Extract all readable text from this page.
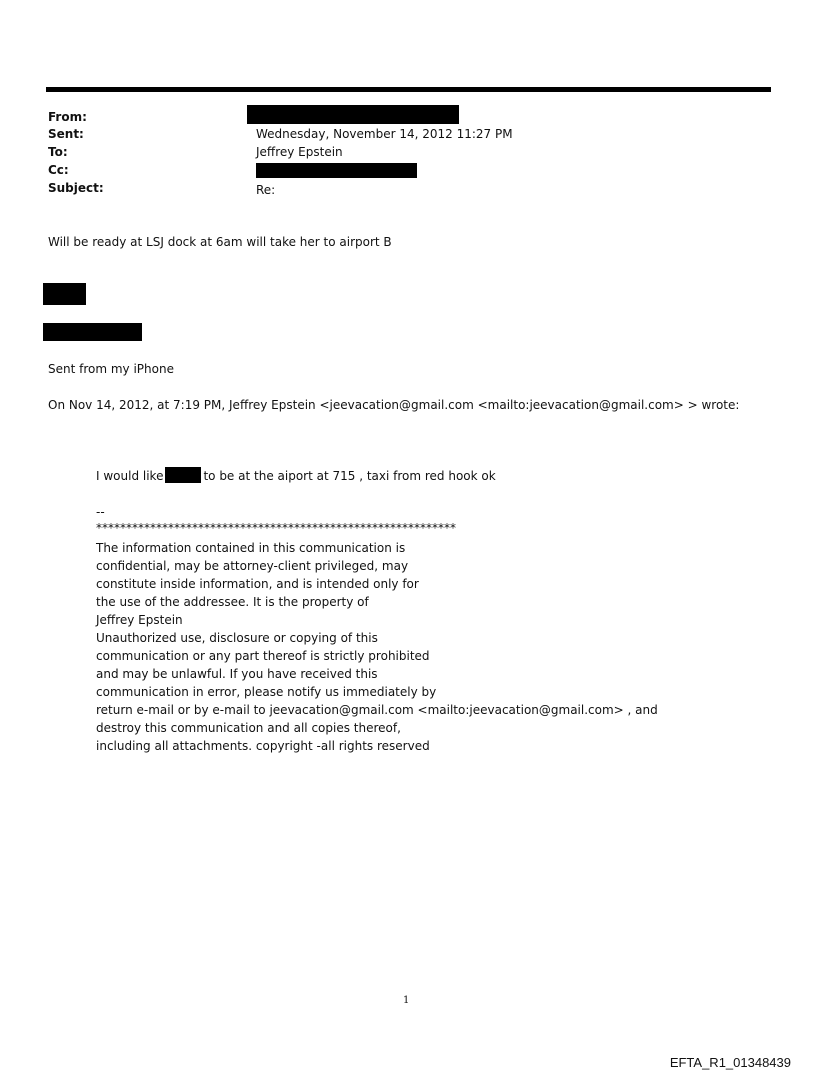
From:
Sent:
To:
Cc:
Subject:
Wednesday, November 14, 2012 11:27 PM
Jeffrey Epstein
Re:
Will be ready at LSJ dock at 6am will take her to airport B
Sent from my iPhone
On Nov 14, 2012, at 7:19 PM, Jeffrey Epstein <jeevacation@gmail.com <mailto:jeevacation@gmail.com> > wrote:
I would like	to be at the aiport at 715 , taxi from red hook ok
--
************************************************************
The information contained in this communication is
confidential, may be attorney-client privileged, may
constitute inside information, and is intended only for
the use of the addressee. It is the property of
Jeffrey Epstein
Unauthorized use, disclosure or copying of this
communication or any part thereof is strictly prohibited
and may be unlawful. If you have received this
communication in error, please notify us immediately by
return e-mail or by e-mail to jeevacation@gmail.com <mailto:jeevacation@gmail.com> , and
destroy this communication and all copies thereof,
including all attachments. copyright -all rights reserved
1
EFTA_R1_01348439
